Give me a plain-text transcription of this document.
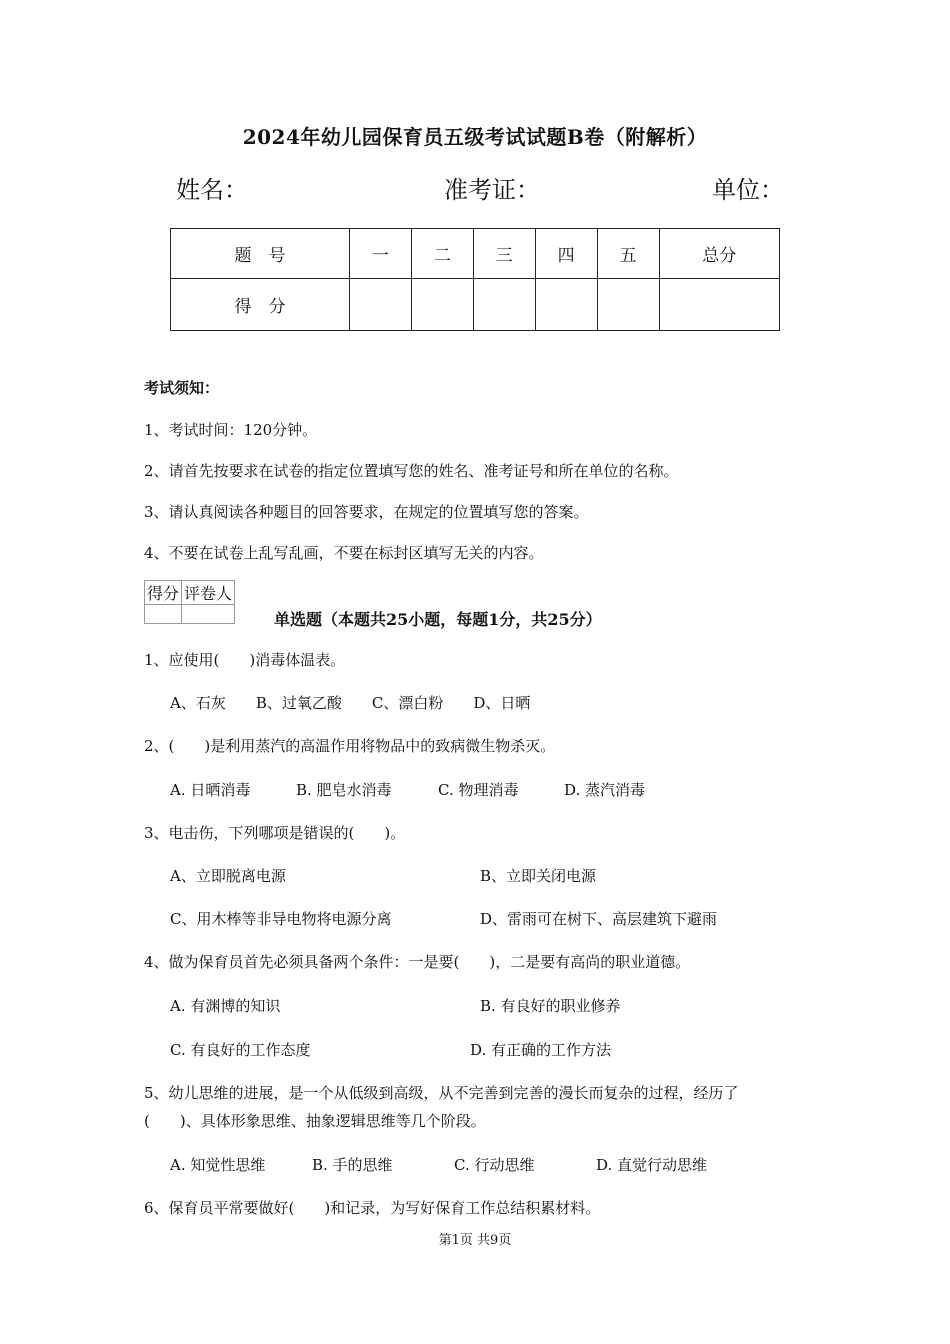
2024年幼儿园保育员五级考试试题B卷（附解析）
姓名：	准考证：	单位：
题　号	一	二	三	四	五	总分
得　分						
考试须知：
1、考试时间：120分钟。
2、请首先按要求在试卷的指定位置填写您的姓名、准考证号和所在单位的名称。
3、请认真阅读各种题目的回答要求，在规定的位置填写您的答案。
4、不要在试卷上乱写乱画，不要在标封区填写无关的内容。
得分	评卷人

单选题（本题共25小题，每题1分，共25分）
1、应使用(　　)消毒体温表。
A、石灰　　B、过氧乙酸　　C、漂白粉　　D、日晒
2、(　　)是利用蒸汽的高温作用将物品中的致病微生物杀灭。
A. 日晒消毒	B. 肥皂水消毒	C. 物理消毒	D. 蒸汽消毒
3、电击伤，下列哪项是错误的(　　)。
A、立即脱离电源	B、立即关闭电源
C、用木棒等非导电物将电源分离	D、雷雨可在树下、高层建筑下避雨
4、做为保育员首先必须具备两个条件：一是要(　　)，二是要有高尚的职业道德。
A. 有渊博的知识	B. 有良好的职业修养
C. 有良好的工作态度	D. 有正确的工作方法
5、幼儿思维的进展，是一个从低级到高级，从不完善到完善的漫长而复杂的过程，经历了
(　　)、具体形象思维、抽象逻辑思维等几个阶段。
A. 知觉性思维	B. 手的思维	C. 行动思维	D. 直觉行动思维
6、保育员平常要做好(　　)和记录，为写好保育工作总结积累材料。
第1页 共9页
